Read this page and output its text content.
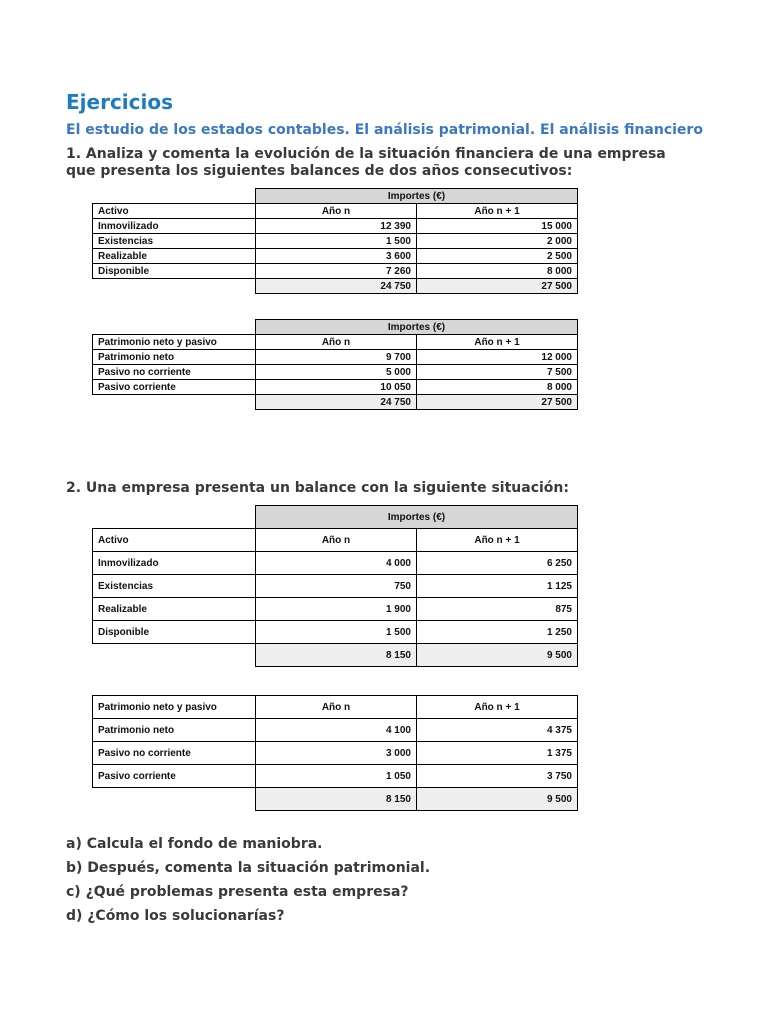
Ejercicios
El estudio de los estados contables. El análisis patrimonial. El análisis financiero

1. Analiza y comenta la evolución de la situación financiera de una empresa que presenta los siguientes balances de dos años consecutivos:

	Importes (€)	
Activo	Año n	Año n + 1
Inmovilizado	12 390	15 000
Existencias	1 500	2 000
Realizable	3 600	2 500
Disponible	7 260	8 000
	24 750	27 500
	Importes (€)	
Patrimonio neto y pasivo	Año n	Año n + 1
Patrimonio neto	9 700	12 000
Pasivo no corriente	5 000	7 500
Pasivo corriente	10 050	8 000
	24 750	27 500

2. Una empresa presenta un balance con la siguiente situación:

	Importes (€)	
Activo	Año n	Año n + 1
Inmovilizado	4 000	6 250
Existencias	750	1 125
Realizable	1 900	875
Disponible	1 500	1 250
	8 150	9 500
Patrimonio neto y pasivo	Año n	Año n + 1
Patrimonio neto	4 100	4 375
Pasivo no corriente	3 000	1 375
Pasivo corriente	1 050	3 750
	8 150	9 500

a) Calcula el fondo de maniobra.

b) Después, comenta la situación patrimonial.

c) ¿Qué problemas presenta esta empresa?

d) ¿Cómo los solucionarías?
